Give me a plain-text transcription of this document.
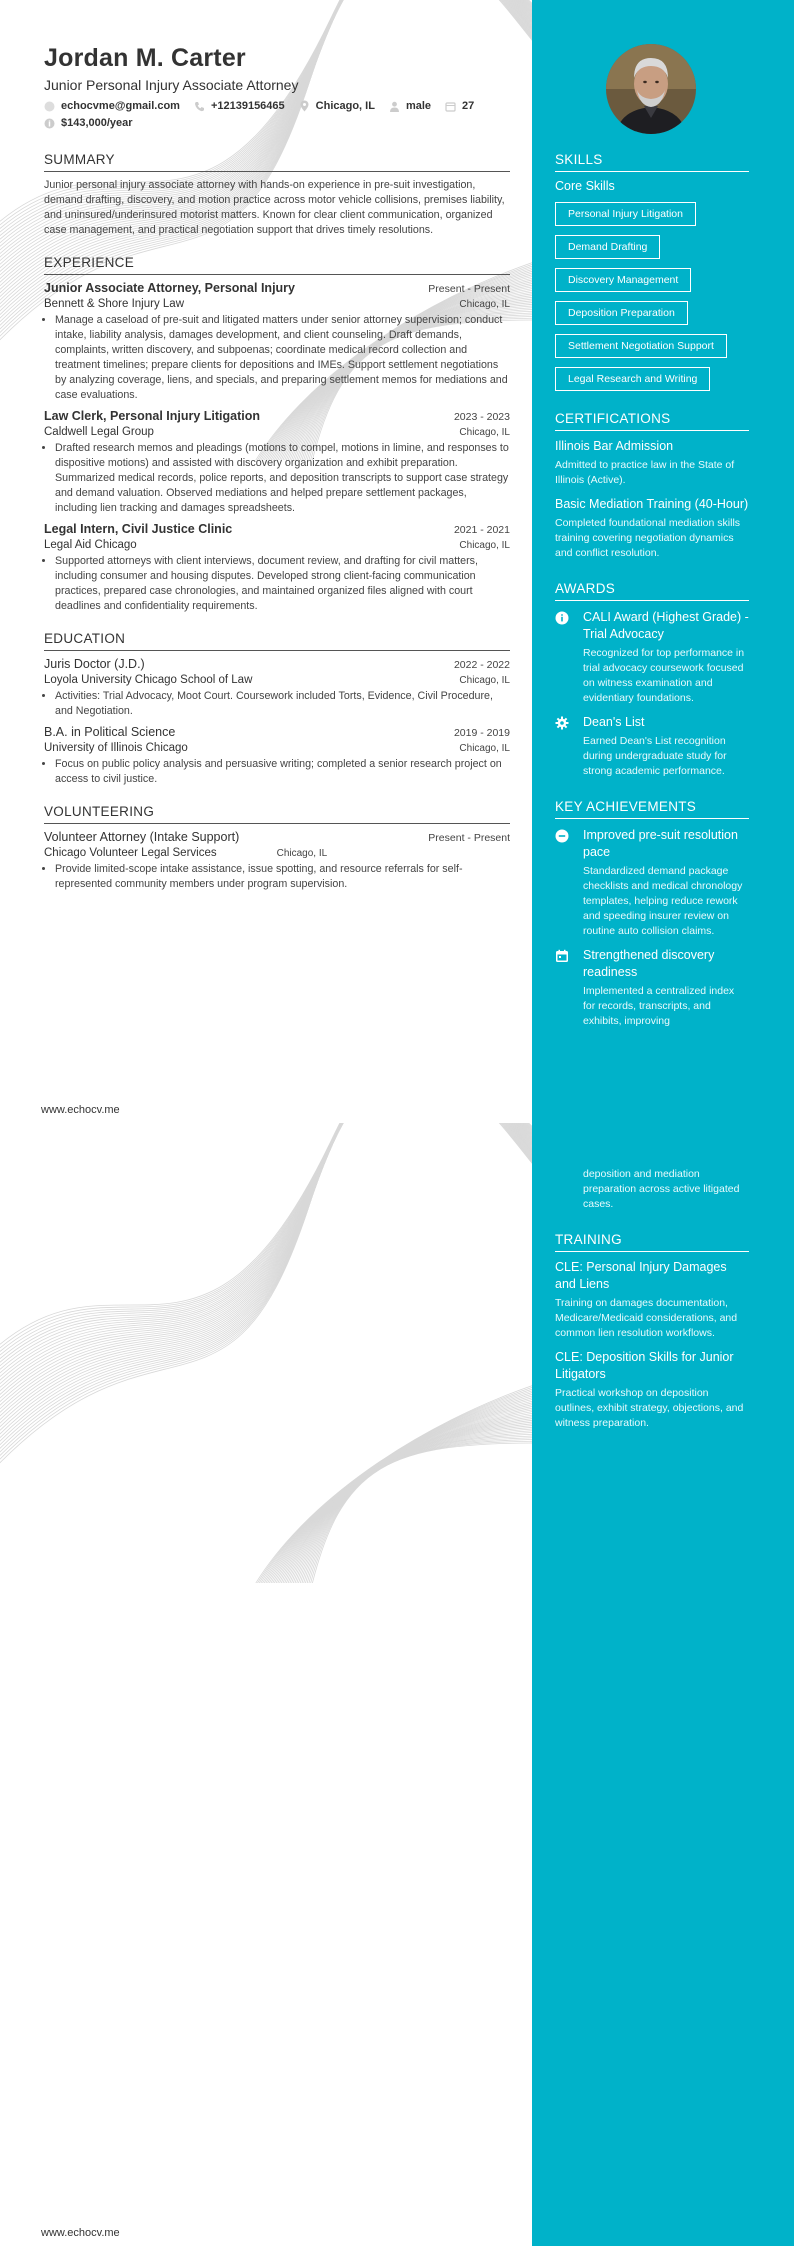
Jordan M. Carter
Junior Personal Injury Associate Attorney
echocvme@gmail.com	+12139156465	Chicago, IL	male	27
i $143,000/year
SUMMARY
Junior personal injury associate attorney with hands-on experience in pre-suit investigation, demand drafting, discovery, and motion practice across motor vehicle collisions, premises liability, and uninsured/underinsured motorist matters. Known for clear client communication, organized case management, and practical negotiation support that drives timely resolutions.
EXPERIENCE
Junior Associate Attorney, Personal Injury	Present - Present
Bennett & Shore Injury Law	Chicago, IL
• Manage a caseload of pre-suit and litigated matters under senior attorney supervision; conduct intake, liability analysis, damages development, and client counseling. Draft demands, complaints, written discovery, and subpoenas; coordinate medical record collection and treatment timelines; prepare clients for depositions and IMEs. Support settlement negotiations by analyzing coverage, liens, and specials, and preparing settlement memos for mediations and case evaluations.
Law Clerk, Personal Injury Litigation	2023 - 2023
Caldwell Legal Group	Chicago, IL
• Drafted research memos and pleadings (motions to compel, motions in limine, and responses to dispositive motions) and assisted with discovery organization and exhibit preparation. Summarized medical records, police reports, and deposition transcripts to support case strategy and demand valuation. Observed mediations and helped prepare settlement packages, including lien tracking and damages spreadsheets.
Legal Intern, Civil Justice Clinic	2021 - 2021
Legal Aid Chicago	Chicago, IL
• Supported attorneys with client interviews, document review, and drafting for civil matters, including consumer and housing disputes. Developed strong client-facing communication practices, prepared case chronologies, and maintained organized files aligned with court deadlines and confidentiality requirements.
EDUCATION
Juris Doctor (J.D.)	2022 - 2022
Loyola University Chicago School of Law	Chicago, IL
• Activities: Trial Advocacy, Moot Court. Coursework included Torts, Evidence, Civil Procedure, and Negotiation.
B.A. in Political Science	2019 - 2019
University of Illinois Chicago	Chicago, IL
• Focus on public policy analysis and persuasive writing; completed a senior research project on access to civil justice.
VOLUNTEERING
Volunteer Attorney (Intake Support)	Present - Present
Chicago Volunteer Legal Services	Chicago, IL
• Provide limited-scope intake assistance, issue spotting, and resource referrals for self-represented community members under program supervision.
SKILLS
Core Skills
Personal Injury Litigation
Demand Drafting
Discovery Management
Deposition Preparation
Settlement Negotiation Support
Legal Research and Writing
CERTIFICATIONS
Illinois Bar Admission
Admitted to practice law in the State of Illinois (Active).
Basic Mediation Training (40-Hour)
Completed foundational mediation skills training covering negotiation dynamics and conflict resolution.
AWARDS
CALI Award (Highest Grade) - Trial Advocacy
Recognized for top performance in trial advocacy coursework focused on witness examination and evidentiary foundations.
Dean's List
Earned Dean's List recognition during undergraduate study for strong academic performance.
KEY ACHIEVEMENTS
Improved pre-suit resolution pace
Standardized demand package checklists and medical chronology templates, helping reduce rework and speeding insurer review on routine auto collision claims.
Strengthened discovery readiness
Implemented a centralized index for records, transcripts, and exhibits, improving
www.echocv.me
deposition and mediation preparation across active litigated cases.
TRAINING
CLE: Personal Injury Damages and Liens
Training on damages documentation, Medicare/Medicaid considerations, and common lien resolution workflows.
CLE: Deposition Skills for Junior Litigators
Practical workshop on deposition outlines, exhibit strategy, objections, and witness preparation.
www.echocv.me
